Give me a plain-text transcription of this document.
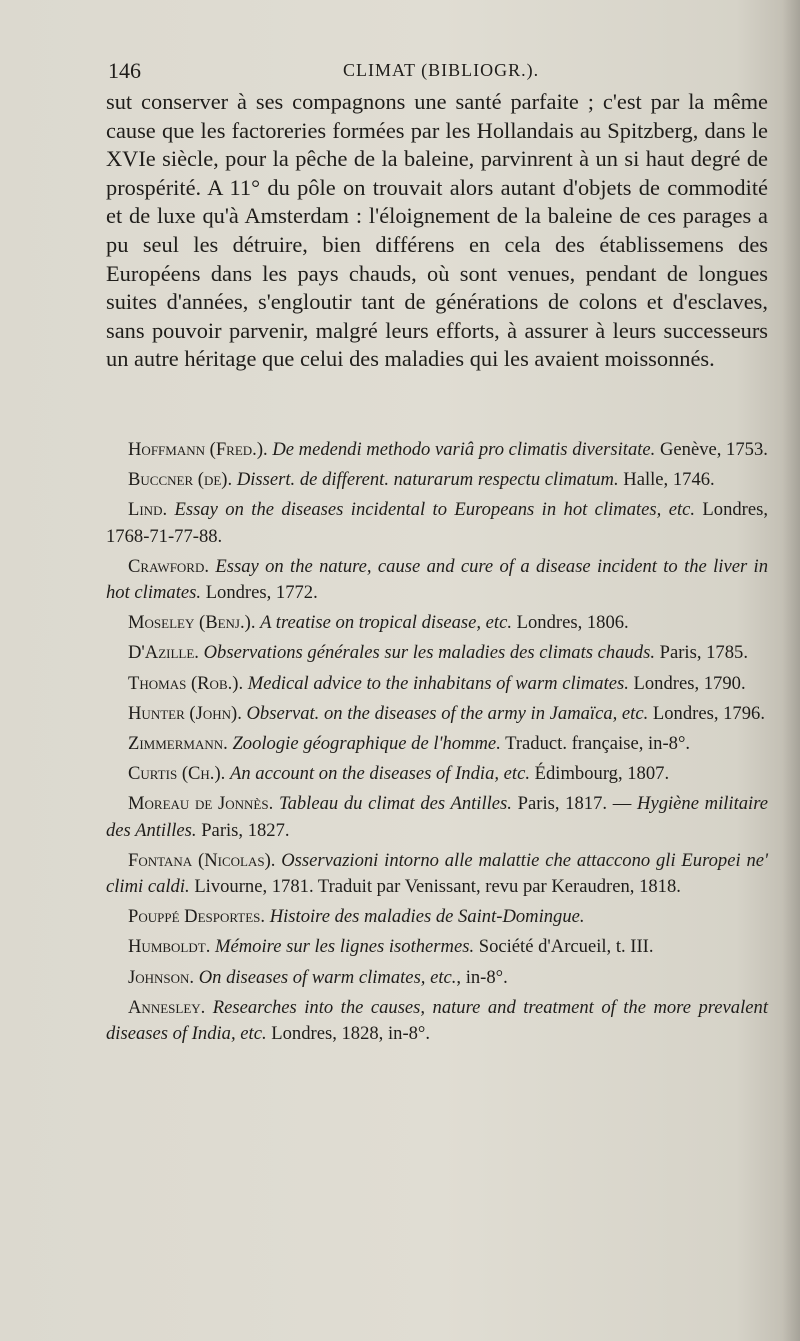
146	CLIMAT (BIBLIOGR.).

sut conserver à ses compagnons une santé parfaite ; c'est par la même cause que les factoreries formées par les Hollandais au Spitzberg, dans le XVIe siècle, pour la pêche de la baleine, parvinrent à un si haut degré de prospérité. A 11° du pôle on trouvait alors autant d'objets de commodité et de luxe qu'à Amsterdam : l'éloignement de la baleine de ces parages a pu seul les détruire, bien différens en cela des établissemens des Européens dans les pays chauds, où sont venues, pendant de longues suites d'années, s'engloutir tant de générations de colons et d'esclaves, sans pouvoir parvenir, malgré leurs efforts, à assurer à leurs successeurs un autre héritage que celui des maladies qui les avaient moissonnés.

Hoffmann (Fred.). De medendi methodo variâ pro climatis diversitate. Genève, 1753.

Buccner (de). Dissert. de different. naturarum respectu climatum. Halle, 1746.

Lind. Essay on the diseases incidental to Europeans in hot climates, etc. Londres, 1768-71-77-88.

Crawford. Essay on the nature, cause and cure of a disease incident to the liver in hot climates. Londres, 1772.

Moseley (Benj.). A treatise on tropical disease, etc. Londres, 1806.

D'Azille. Observations générales sur les maladies des climats chauds. Paris, 1785.

Thomas (Rob.). Medical advice to the inhabitans of warm climates. Londres, 1790.

Hunter (John). Observat. on the diseases of the army in Jamaïca, etc. Londres, 1796.

Zimmermann. Zoologie géographique de l'homme. Traduct. française, in-8°.

Curtis (Ch.). An account on the diseases of India, etc. Édimbourg, 1807.

Moreau de Jonnès. Tableau du climat des Antilles. Paris, 1817. — Hygiène militaire des Antilles. Paris, 1827.

Fontana (Nicolas). Osservazioni intorno alle malattie che attaccono gli Europei ne' climi caldi. Livourne, 1781. Traduit par Venissant, revu par Keraudren, 1818.

Pouppé Desportes. Histoire des maladies de Saint-Domingue.

Humboldt. Mémoire sur les lignes isothermes. Société d'Arcueil, t. III.

Johnson. On diseases of warm climates, etc., in-8°.

Annesley. Researches into the causes, nature and treatment of the more prevalent diseases of India, etc. Londres, 1828, in-8°.
